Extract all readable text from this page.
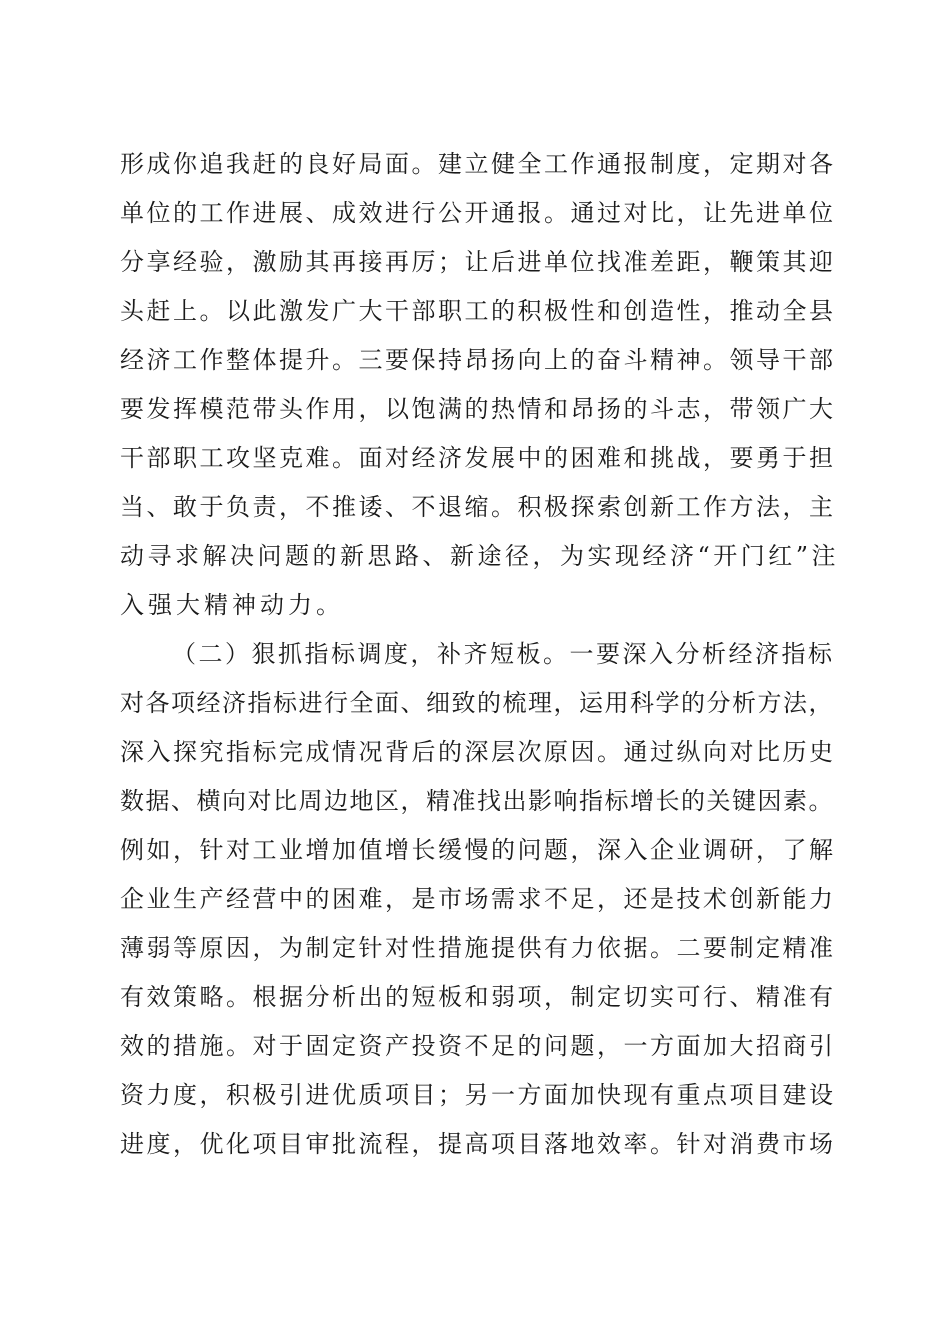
形成你追我赶的良好局面。建立健全工作通报制度，定期对各
单位的工作进展、成效进行公开通报。通过对比，让先进单位
分享经验，激励其再接再厉；让后进单位找准差距，鞭策其迎
头赶上。以此激发广大干部职工的积极性和创造性，推动全县
经济工作整体提升。三要保持昂扬向上的奋斗精神。领导干部
要发挥模范带头作用，以饱满的热情和昂扬的斗志，带领广大
干部职工攻坚克难。面对经济发展中的困难和挑战，要勇于担
当、敢于负责，不推诿、不退缩。积极探索创新工作方法，主
动寻求解决问题的新思路、新途径，为实现经济“开门红”注
入强大精神动力。
（二）狠抓指标调度，补齐短板。一要深入分析经济指标
对各项经济指标进行全面、细致的梳理，运用科学的分析方法，
深入探究指标完成情况背后的深层次原因。通过纵向对比历史
数据、横向对比周边地区，精准找出影响指标增长的关键因素。
例如，针对工业增加值增长缓慢的问题，深入企业调研，了解
企业生产经营中的困难，是市场需求不足，还是技术创新能力
薄弱等原因，为制定针对性措施提供有力依据。二要制定精准
有效策略。根据分析出的短板和弱项，制定切实可行、精准有
效的措施。对于固定资产投资不足的问题，一方面加大招商引
资力度，积极引进优质项目；另一方面加快现有重点项目建设
进度，优化项目审批流程，提高项目落地效率。针对消费市场
